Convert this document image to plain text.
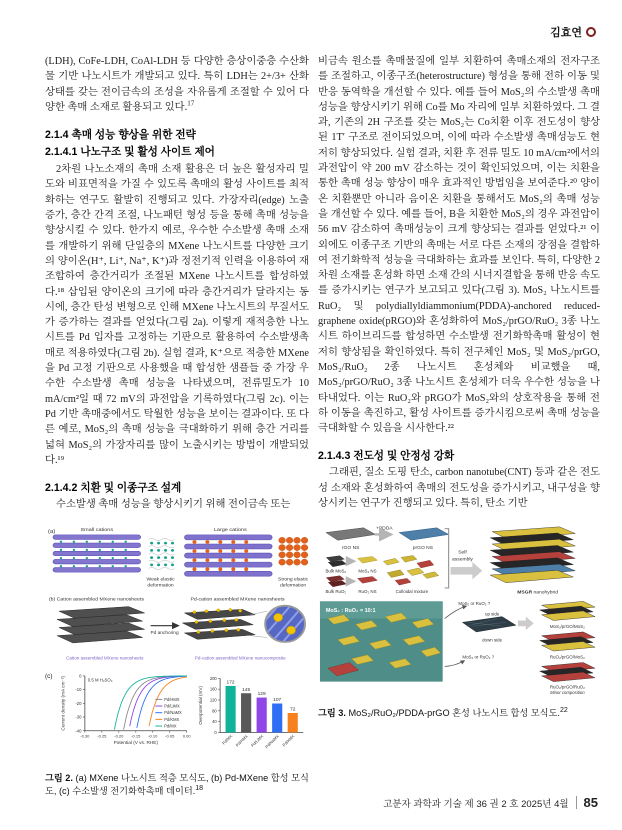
김효연

(LDH), CoFe-LDH, CoAl-LDH 등 다양한 층상이중층 수산화물 기반 나노시트가 개발되고 있다. 특히 LDH는 2+/3+ 산화 상태를 갖는 전이금속의 조성을 자유롭게 조절할 수 있어 다양한 촉매 소재로 활용되고 있다.$^{17}$

2.1.4 촉매 성능 향상을 위한 전략
2.1.4.1 나노구조 및 활성 사이트 제어

2차원 나노소재의 촉매 소재 활용은 더 높은 활성자리 밀도와 비표면적을 가질 수 있도록 촉매의 활성 사이트를 최적화하는 연구도 활발히 진행되고 있다. 가장자리(edge) 노출 증가, 층간 간격 조절, 나노패턴 형성 등을 통해 촉매 성능을 향상시킬 수 있다. 한가지 예로, 우수한 수소발생 촉매 소재를 개발하기 위해 단일층의 MXene 나노시트를 다양한 크기의 양이온(H⁺, Li⁺, Na⁺, K⁺)과 정전기적 인력을 이용하여 재조합하여 층간거리가 조절된 MXene 나노시트를 합성하였다.¹⁸ 삽입된 양이온의 크기에 따라 층간거리가 달라지는 동시에, 층간 탄성 변형으로 인해 MXene 나노시트의 무질서도가 증가하는 결과를 얻었다(그림 2a). 이렇게 재적층한 나노시트를 Pd 입자를 고정하는 기판으로 활용하여 수소발생촉매로 적용하였다(그림 2b). 실험 결과, K⁺으로 적층한 MXene을 Pd 고정 기판으로 사용했을 때 합성한 샘플들 중 가장 우수한 수소발생 촉매 성능을 나타냈으며, 전류밀도가 10 mA/cm²일 때 72 mV의 과전압을 기록하였다(그림 2c). 이는 Pd 기반 촉매중에서도 탁월한 성능을 보이는 결과이다. 또 다른 예로, MoS₂의 촉매 성능을 극대화하기 위해 층간 거리를 넓혀 MoS₂의 가장자리를 많이 노출시키는 방법이 개발되었다.¹⁹

2.1.4.2 치환 및 이종구조 설계

수소발생 촉매 성능을 향상시키기 위해 전이금속 또는

(a)	Small cations
Weak elastic
deformation
Large cations
Strong elastic
deformation
(b) Cation assembled MXene nanosheets	Pd-cation assembled MXene nanosheets
Pd anchoring
Cation assembled MXene nanosheets	Pd-cation assembled MXene nanocomposite
(c)	0
-10
-20
-30
-40
-0.30 -0.25 -0.20 -0.15 -0.10 -0.05 0.00
Potential (V vs. RHE)
Current density (mA cm⁻²)	0.5 M H₂SO₄
Pd/HMX
Pd/LiMX
Pd/NaMX
Pd/KMX
Pd/MX
0
40
80
120
160
200
Overpotential (mV)
172
Pd/MX
145
Pd/HMX
129
Pd/LiMX
107
Pd/NaMX
72
Pd/KMX
그림 2. (a) MXene 나노시트 적층 모식도, (b) Pd-MXene 합성 모식도, (c) 수소발생 전기화학촉매 데이터.$^{18}$

비금속 원소를 촉매물질에 일부 치환하여 촉매소재의 전자구조를 조절하고, 이종구조(heterostructure) 형성을 통해 전하 이동 및 반응 동역학을 개선할 수 있다. 예를 들어 MoS₂의 수소발생 촉매 성능을 향상시키기 위해 Co를 Mo 자리에 일부 치환하였다. 그 결과, 기존의 2H 구조를 갖는 MoS₂는 Co치환 이후 전도성이 향상된 1T′ 구조로 전이되었으며, 이에 따라 수소발생 촉매성능도 현저히 향상되었다. 실험 결과, 치환 후 전류 밀도 10 mA/cm²에서의 과전압이 약 200 mV 감소하는 것이 확인되었으며, 이는 치환을 통한 촉매 성능 향상이 매우 효과적인 방법임을 보여준다.²⁰ 양이온 치환뿐만 아니라 음이온 치환을 통해서도 MoS₂의 촉매 성능을 개선할 수 있다. 예를 들어, B을 치환한 MoS₂의 경우 과전압이 56 mV 감소하여 촉매성능이 크게 향상되는 결과를 얻었다.²¹ 이외에도 이종구조 기반의 촉매는 서로 다른 소재의 장점을 결합하여 전기화학적 성능을 극대화하는 효과를 보인다. 특히, 다양한 2차원 소재를 혼성화 하면 소재 간의 시너지결합을 통해 반응 속도를 증가시키는 연구가 보고되고 있다(그림 3). MoS₂ 나노시트를 RuO₂ 및 polydiallyldiammonium(PDDA)-anchored reduced-graphene oxide(pRGO)와 혼성화하여 MoS₂/prGO/RuO₂ 3종 나노시트 하이브리드를 합성하면 수소발생 전기화학촉매 활성이 현저히 향상됨을 확인하였다. 특히 전구체인 MoS₂ 및 MoS₂/prGO, MoS₂/RuO₂ 2종 나노시트 혼성체와 비교했을 때, MoS₂/prGO/RuO₂ 3종 나노시트 혼성체가 더욱 우수한 성능을 나타내었다. 이는 RuO₂와 pRGO가 MoS₂와의 상호작용을 통해 전하 이동을 촉진하고, 활성 사이트를 증가시킴으로써 촉매 성능을 극대화할 수 있음을 시사한다.²²

2.1.4.3 전도성 및 안정성 강화

그래핀, 질소 도핑 탄소, carbon nanotube(CNT) 등과 같은 전도성 소재와 혼성화하여 촉매의 전도성을 증가시키고, 내구성을 향상시키는 연구가 진행되고 있다. 특히, 탄소 기반

rGO NS
+PDDA
prGO NS
Bulk MoS₂	MoS₂ NS
Bulk RuO₂	RuO₂ NS	Colloidal mixture
Self
assembly
MSGR nanohybrid
MoS₂ : RuO₂ = 10:1
MoS₂ or RuO₂ ?
up side
down side
MoS₂ or RuO₂ ?
MoS₂/prGO/MoS₂
RuO₂/prGO/MoS₂
RuO₂/prGO/RuO₂
Minor composition
그림 3. MoS₂/RuO₂/PDDA-prGO 혼성 나노시트 합성 모식도.$^{22}$
고분자 과학과 기술 제 36 권 2 호 2025년 4월 85
